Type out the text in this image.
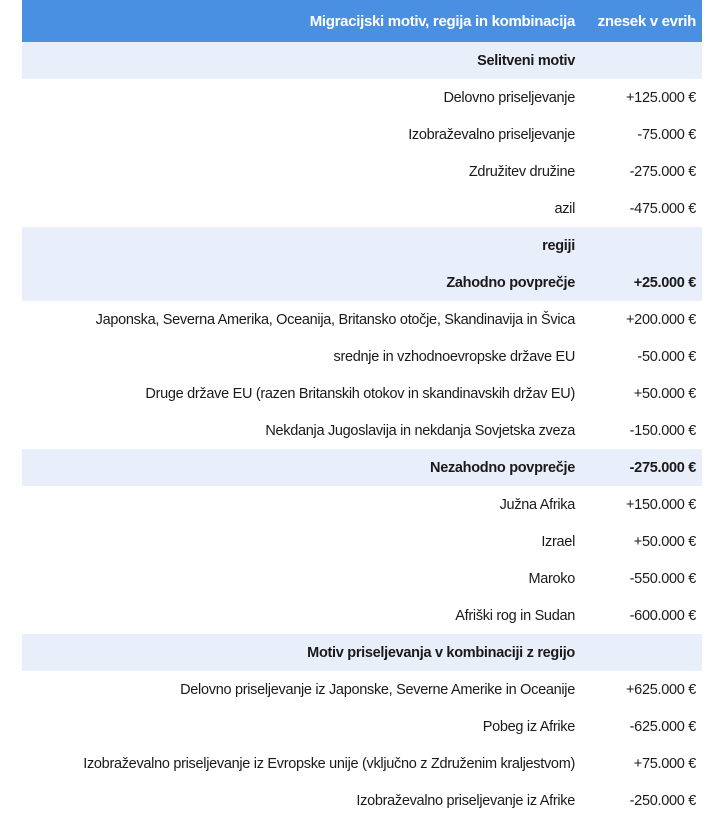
Migracijski motiv, regija in kombinacija	znesek v evrih
Selitveni motiv
Delovno priseljevanje	+125.000 €
Izobraževalno priseljevanje	-75.000 €
Združitev družine	-275.000 €
azil	-475.000 €
regiji
Zahodno povprečje	+25.000 €
Japonska, Severna Amerika, Oceanija, Britansko otočje, Skandinavija in Švica	+200.000 €
srednje in vzhodnoevropske države EU	-50.000 €
Druge države EU (razen Britanskih otokov in skandinavskih držav EU)	+50.000 €
Nekdanja Jugoslavija in nekdanja Sovjetska zveza	-150.000 €
Nezahodno povprečje	-275.000 €
Južna Afrika	+150.000 €
Izrael	+50.000 €
Maroko	-550.000 €
Afriški rog in Sudan	-600.000 €
Motiv priseljevanja v kombinaciji z regijo
Delovno priseljevanje iz Japonske, Severne Amerike in Oceanije	+625.000 €
Pobeg iz Afrike	-625.000 €
Izobraževalno priseljevanje iz Evropske unije (vključno z Združenim kraljestvom)	+75.000 €
Izobraževalno priseljevanje iz Afrike	-250.000 €
